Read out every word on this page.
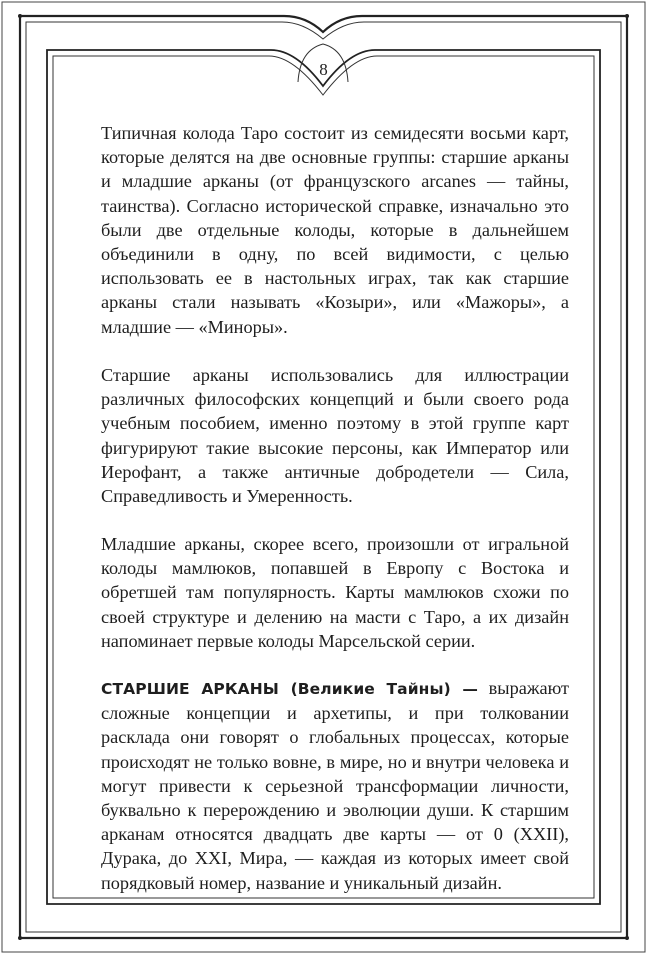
8

Типичная колода Таро состоит из семидесяти восьми карт, которые делятся на две основные группы: старшие арканы и младшие арканы (от французского arcanes — тайны, таинства). Согласно исторической справке, изначально это были две отдельные колоды, которые в дальнейшем объединили в одну, по всей видимости, с целью использовать ее в настольных играх, так как старшие арканы стали называть «Козыри», или «Мажоры», а младшие — «Миноры».

Старшие арканы использовались для иллюстрации различных философских концепций и были своего рода учебным пособием, именно поэтому в этой группе карт фигурируют такие высокие персоны, как Император или Иерофант, а также античные добродетели — Сила, Справедливость и Умеренность.

Младшие арканы, скорее всего, произошли от игральной колоды мамлюков, попавшей в Европу с Востока и обретшей там популярность. Карты мамлюков схожи по своей структуре и делению на масти с Таро, а их дизайн напоминает первые колоды Марсельской серии.

СТАРШИЕ АРКАНЫ (Великие Тайны) — выражают сложные концепции и архетипы, и при толковании расклада они говорят о глобальных процессах, которые происходят не только вовне, в мире, но и внутри человека и могут привести к серьезной трансформации личности, буквально к перерождению и эволюции души. К старшим арканам относятся двадцать две карты — от 0 (XXII), Дурака, до XXI, Мира, — каждая из которых имеет свой порядковый номер, название и уникальный дизайн.
